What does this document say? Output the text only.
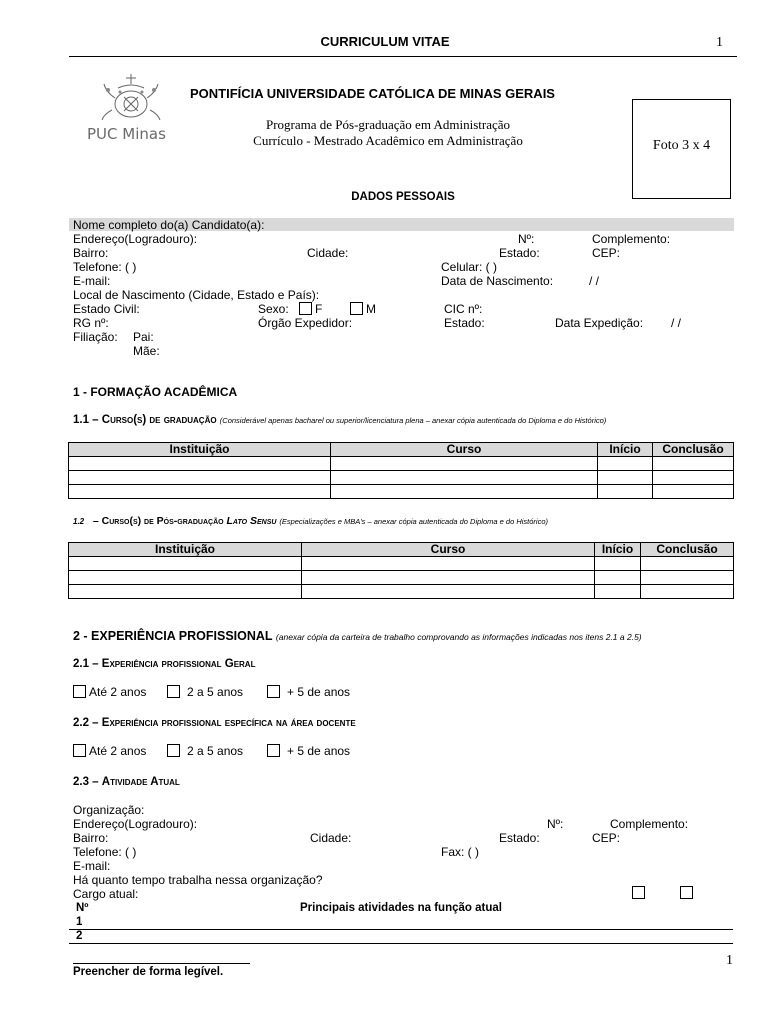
CURRICULUM VITAE	1
PUC Minas
PONTIFÍCIA UNIVERSIDADE CATÓLICA DE MINAS GERAIS
Programa de Pós-graduação em Administração
Currículo - Mestrado Acadêmico em Administração	Foto 3 x 4
DADOS PESSOAIS
Nome completo do(a) Candidato(a):
Endereço(Logradouro):	Nº:	Complemento:
Bairro:	Cidade:	Estado:	CEP:
Telefone: ( )	Celular: ( )
E-mail:	Data de Nascimento:	/ /
Local de Nascimento (Cidade, Estado e País):
Estado Civil:	Sexo:	F	M	CIC nº:
RG nº:	Órgão Expedidor:	Estado:	Data Expedição: / /
Filiação: Pai:
Mãe:
1 - FORMAÇÃO ACADÊMICA
1.1 – Curso(s) de graduação (Considerável apenas bacharel ou superior/licenciatura plena – anexar cópia autenticada do Diploma e do Histórico)
Instituição	Curso	Início	Conclusão

1.2 – Curso(s) de Pós-graduação Lato Sensu (Especializações e MBA's – anexar cópia autenticada do Diploma e do Histórico)
Instituição	Curso	Início	Conclusão

2 - EXPERIÊNCIA PROFISSIONAL (anexar cópia da carteira de trabalho comprovando as informações indicadas nos itens 2.1 a 2.5)
2.1 – Experiência profissional Geral
Até 2 anos	2 a 5 anos	+ 5 de anos
2.2 – Experiência profissional específica na área docente
Até 2 anos	2 a 5 anos	+ 5 de anos
2.3 – Atividade Atual
Organização:
Endereço(Logradouro):	Nº:	Complemento:
Bairro:	Cidade:	Estado:	CEP:
Telefone: ( )	Fax: ( )
E-mail:
Há quanto tempo trabalha nessa organização?
Cargo atual:
Nº	Principais atividades na função atual
1
2
1
Preencher de forma legível.
